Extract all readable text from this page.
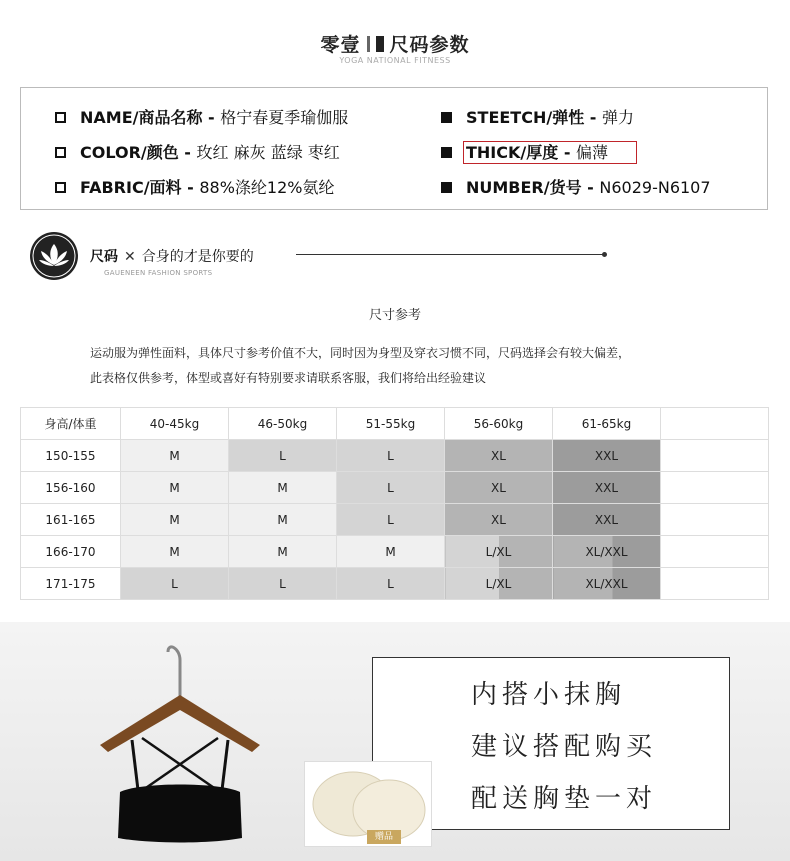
零壹 尺码参数
YOGA NATIONAL FITNESS
NAME/商品名称 - 格宁春夏季瑜伽服
COLOR/颜色 - 玫红 麻灰 蓝绿 枣红
FABRIC/面料 - 88%涤纶12%氨纶
STEETCH/弹性 - 弹力
THICK/厚度 - 偏薄
NUMBER/货号 - N6029-N6107
尺码 ✕ 合身的才是你要的
GAUENEEN FASHION SPORTS
尺寸参考
运动服为弹性面料，具体尺寸参考价值不大，同时因为身型及穿衣习惯不同，尺码选择会有较大偏差，
此表格仅供参考，体型或喜好有特别要求请联系客服，我们将给出经验建议
身高/体重	40-45kg	46-50kg	51-55kg	56-60kg	61-65kg	
150-155	M	L	L	XL	XXL	
156-160	M	M	L	XL	XXL	
161-165	M	M	L	XL	XXL	
166-170	M	M	M	L/XL	XL/XXL	
171-175	L	L	L	L/XL	XL/XXL	
内搭小抹胸
建议搭配购买
配送胸垫一对
赠品
